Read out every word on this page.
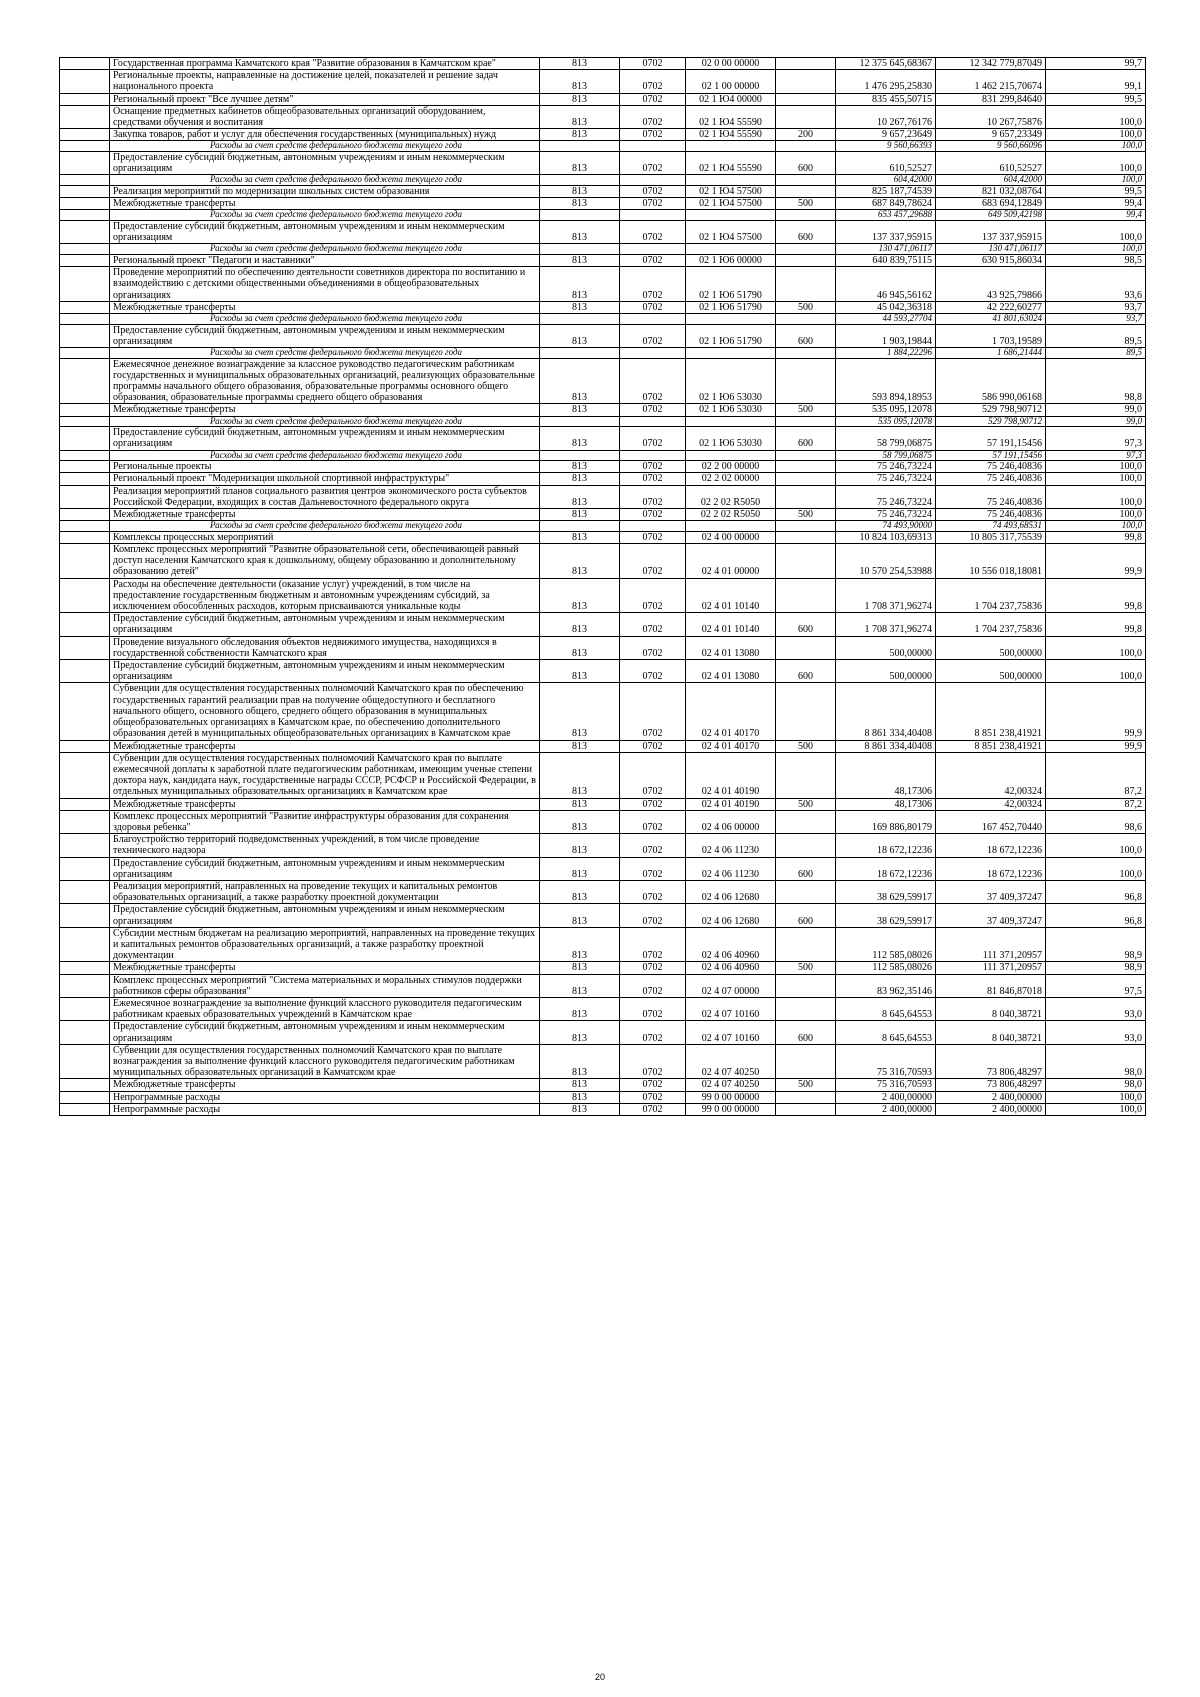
	Государственная программа Камчатского края "Развитие образования в Камчатском крае"	813	0702	02 0 00 00000		12 375 645,68367	12 342 779,87049	99,7
	Региональные проекты, направленные на достижение целей, показателей и решение задач национального проекта	813	0702	02 1 00 00000		1 476 295,25830	1 462 215,70674	99,1
	Региональный проект "Все лучшее детям"	813	0702	02 1 Ю4 00000		835 455,50715	831 299,84640	99,5
	Оснащение предметных кабинетов общеобразовательных организаций оборудованием, средствами обучения и воспитания	813	0702	02 1 Ю4 55590		10 267,76176	10 267,75876	100,0
	Закупка товаров, работ и услуг для обеспечения государственных (муниципальных) нужд	813	0702	02 1 Ю4 55590	200	9 657,23649	9 657,23349	100,0
	Расходы за счет средств федерального бюджета текущего года					9 560,66393	9 560,66096	100,0
	Предоставление субсидий бюджетным, автономным учреждениям и иным некоммерческим организациям	813	0702	02 1 Ю4 55590	600	610,52527	610,52527	100,0
	Расходы за счет средств федерального бюджета текущего года					604,42000	604,42000	100,0
	Реализация мероприятий по модернизации школьных систем образования	813	0702	02 1 Ю4 57500		825 187,74539	821 032,08764	99,5
	Межбюджетные трансферты	813	0702	02 1 Ю4 57500	500	687 849,78624	683 694,12849	99,4
	Расходы за счет средств федерального бюджета текущего года					653 457,29688	649 509,42198	99,4
	Предоставление субсидий бюджетным, автономным учреждениям и иным некоммерческим организациям	813	0702	02 1 Ю4 57500	600	137 337,95915	137 337,95915	100,0
	Расходы за счет средств федерального бюджета текущего года					130 471,06117	130 471,06117	100,0
	Региональный проект "Педагоги и наставники"	813	0702	02 1 Ю6 00000		640 839,75115	630 915,86034	98,5
	Проведение мероприятий по обеспечению деятельности советников директора по воспитанию и взаимодействию с детскими общественными объединениями в общеобразовательных организациях	813	0702	02 1 Ю6 51790		46 945,56162	43 925,79866	93,6
	Межбюджетные трансферты	813	0702	02 1 Ю6 51790	500	45 042,36318	42 222,60277	93,7
	Расходы за счет средств федерального бюджета текущего года					44 593,27704	41 801,63024	93,7
	Предоставление субсидий бюджетным, автономным учреждениям и иным некоммерческим организациям	813	0702	02 1 Ю6 51790	600	1 903,19844	1 703,19589	89,5
	Расходы за счет средств федерального бюджета текущего года					1 884,22296	1 686,21444	89,5
	Ежемесячное денежное вознаграждение за классное руководство педагогическим работникам государственных и муниципальных образовательных организаций, реализующих образовательные программы начального общего образования, образовательные программы основного общего образования, образовательные программы среднего общего образования	813	0702	02 1 Ю6 53030		593 894,18953	586 990,06168	98,8
	Межбюджетные трансферты	813	0702	02 1 Ю6 53030	500	535 095,12078	529 798,90712	99,0
	Расходы за счет средств федерального бюджета текущего года					535 095,12078	529 798,90712	99,0
	Предоставление субсидий бюджетным, автономным учреждениям и иным некоммерческим организациям	813	0702	02 1 Ю6 53030	600	58 799,06875	57 191,15456	97,3
	Расходы за счет средств федерального бюджета текущего года					58 799,06875	57 191,15456	97,3
	Региональные проекты	813	0702	02 2 00 00000		75 246,73224	75 246,40836	100,0
	Региональный проект "Модернизация школьной спортивной инфраструктуры"	813	0702	02 2 02 00000		75 246,73224	75 246,40836	100,0
	Реализация мероприятий планов социального развития центров экономического роста субъектов Российской Федерации, входящих в состав Дальневосточного федерального округа	813	0702	02 2 02 R5050		75 246,73224	75 246,40836	100,0
	Межбюджетные трансферты	813	0702	02 2 02 R5050	500	75 246,73224	75 246,40836	100,0
	Расходы за счет средств федерального бюджета текущего года					74 493,90000	74 493,68531	100,0
	Комплексы процессных мероприятий	813	0702	02 4 00 00000		10 824 103,69313	10 805 317,75539	99,8
	Комплекс процессных мероприятий "Развитие образовательной сети, обеспечивающей равный доступ населения Камчатского края к дошкольному, общему образованию и дополнительному образованию детей"	813	0702	02 4 01 00000		10 570 254,53988	10 556 018,18081	99,9
	Расходы на обеспечение деятельности (оказание услуг) учреждений, в том числе на предоставление государственным бюджетным и автономным учреждениям субсидий, за исключением обособленных расходов, которым присваиваются уникальные коды	813	0702	02 4 01 10140		1 708 371,96274	1 704 237,75836	99,8
	Предоставление субсидий бюджетным, автономным учреждениям и иным некоммерческим организациям	813	0702	02 4 01 10140	600	1 708 371,96274	1 704 237,75836	99,8
	Проведение визуального обследования объектов недвижимого имущества, находящихся в государственной собственности Камчатского края	813	0702	02 4 01 13080		500,00000	500,00000	100,0
	Предоставление субсидий бюджетным, автономным учреждениям и иным некоммерческим организациям	813	0702	02 4 01 13080	600	500,00000	500,00000	100,0
	Субвенции для осуществления государственных полномочий Камчатского края по обеспечению государственных гарантий реализации прав на получение общедоступного и бесплатного начального общего, основного общего, среднего общего образования в муниципальных общеобразовательных организациях в Камчатском крае, по обеспечению дополнительного образования детей в муниципальных общеобразовательных организациях в Камчатском крае	813	0702	02 4 01 40170		8 861 334,40408	8 851 238,41921	99,9
	Межбюджетные трансферты	813	0702	02 4 01 40170	500	8 861 334,40408	8 851 238,41921	99,9
	Субвенции для осуществления государственных полномочий Камчатского края по выплате ежемесячной доплаты к заработной плате педагогическим работникам, имеющим ученые степени доктора наук, кандидата наук, государственные награды СССР, РСФСР и Российской Федерации, в отдельных муниципальных образовательных организациях в Камчатском крае	813	0702	02 4 01 40190		48,17306	42,00324	87,2
	Межбюджетные трансферты	813	0702	02 4 01 40190	500	48,17306	42,00324	87,2
	Комплекс процессных мероприятий "Развитие инфраструктуры образования для сохранения здоровья ребенка"	813	0702	02 4 06 00000		169 886,80179	167 452,70440	98,6
	Благоустройство территорий подведомственных учреждений, в том числе проведение технического надзора	813	0702	02 4 06 11230		18 672,12236	18 672,12236	100,0
	Предоставление субсидий бюджетным, автономным учреждениям и иным некоммерческим организациям	813	0702	02 4 06 11230	600	18 672,12236	18 672,12236	100,0
	Реализация мероприятий, направленных на проведение текущих и капитальных ремонтов образовательных организаций, а также разработку проектной документации	813	0702	02 4 06 12680		38 629,59917	37 409,37247	96,8
	Предоставление субсидий бюджетным, автономным учреждениям и иным некоммерческим организациям	813	0702	02 4 06 12680	600	38 629,59917	37 409,37247	96,8
	Субсидии местным бюджетам на реализацию мероприятий, направленных на проведение текущих и капитальных ремонтов образовательных организаций, а также разработку проектной документации	813	0702	02 4 06 40960		112 585,08026	111 371,20957	98,9
	Межбюджетные трансферты	813	0702	02 4 06 40960	500	112 585,08026	111 371,20957	98,9
	Комплекс процессных мероприятий "Система материальных и моральных стимулов поддержки работников сферы образования"	813	0702	02 4 07 00000		83 962,35146	81 846,87018	97,5
	Ежемесячное вознаграждение за выполнение функций классного руководителя педагогическим работникам краевых образовательных учреждений в Камчатском крае	813	0702	02 4 07 10160		8 645,64553	8 040,38721	93,0
	Предоставление субсидий бюджетным, автономным учреждениям и иным некоммерческим организациям	813	0702	02 4 07 10160	600	8 645,64553	8 040,38721	93,0
	Субвенции для осуществления государственных полномочий Камчатского края по выплате вознаграждения за выполнение функций классного руководителя педагогическим работникам муниципальных образовательных организаций в Камчатском крае	813	0702	02 4 07 40250		75 316,70593	73 806,48297	98,0
	Межбюджетные трансферты	813	0702	02 4 07 40250	500	75 316,70593	73 806,48297	98,0
	Непрограммные расходы	813	0702	99 0 00 00000		2 400,00000	2 400,00000	100,0
	Непрограммные расходы	813	0702	99 0 00 00000		2 400,00000	2 400,00000	100,0
20
